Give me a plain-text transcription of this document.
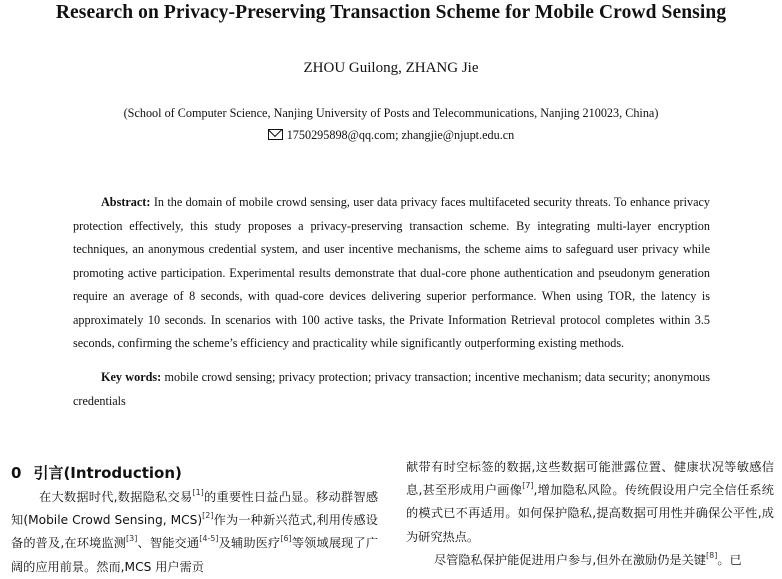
Research on Privacy-Preserving Transaction Scheme for Mobile Crowd Sensing
ZHOU Guilong, ZHANG Jie
(School of Computer Science, Nanjing University of Posts and Telecommunications, Nanjing 210023, China)
1750295898@qq.com; zhangjie@njupt.edu.cn
Abstract: In the domain of mobile crowd sensing, user data privacy faces multifaceted security threats. To enhance privacy protection effectively, this study proposes a privacy-preserving transaction scheme. By integrating multi-layer encryption techniques, an anonymous credential system, and user incentive mechanisms, the scheme aims to safeguard user privacy while promoting active participation. Experimental results demonstrate that dual-core phone authentication and pseudonym generation require an average of 8 seconds, with quad-core devices delivering superior performance. When using TOR, the latency is approximately 10 seconds. In scenarios with 100 active tasks, the Private Information Retrieval protocol completes within 3.5 seconds, confirming the scheme’s efficiency and practicality while significantly outperforming existing methods.
Key words: mobile crowd sensing; privacy protection; privacy transaction; incentive mechanism; data security; anonymous credentials
0 引言(Introduction)
在大数据时代,数据隐私交易[1]的重要性日益凸显。移动群智感知(Mobile Crowd Sensing, MCS)[2]作为一种新兴范式,利用传感设备的普及,在环境监测[3]、智能交通[4-5]及辅助医疗[6]等领域展现了广阔的应用前景。然而,MCS 用户需贡
献带有时空标签的数据,这些数据可能泄露位置、健康状况等敏感信息,甚至形成用户画像[7],增加隐私风险。传统假设用户完全信任系统的模式已不再适用。如何保护隐私,提高数据可用性并确保公平性,成为研究热点。
尽管隐私保护能促进用户参与,但外在激励仍是关键[8]。已
